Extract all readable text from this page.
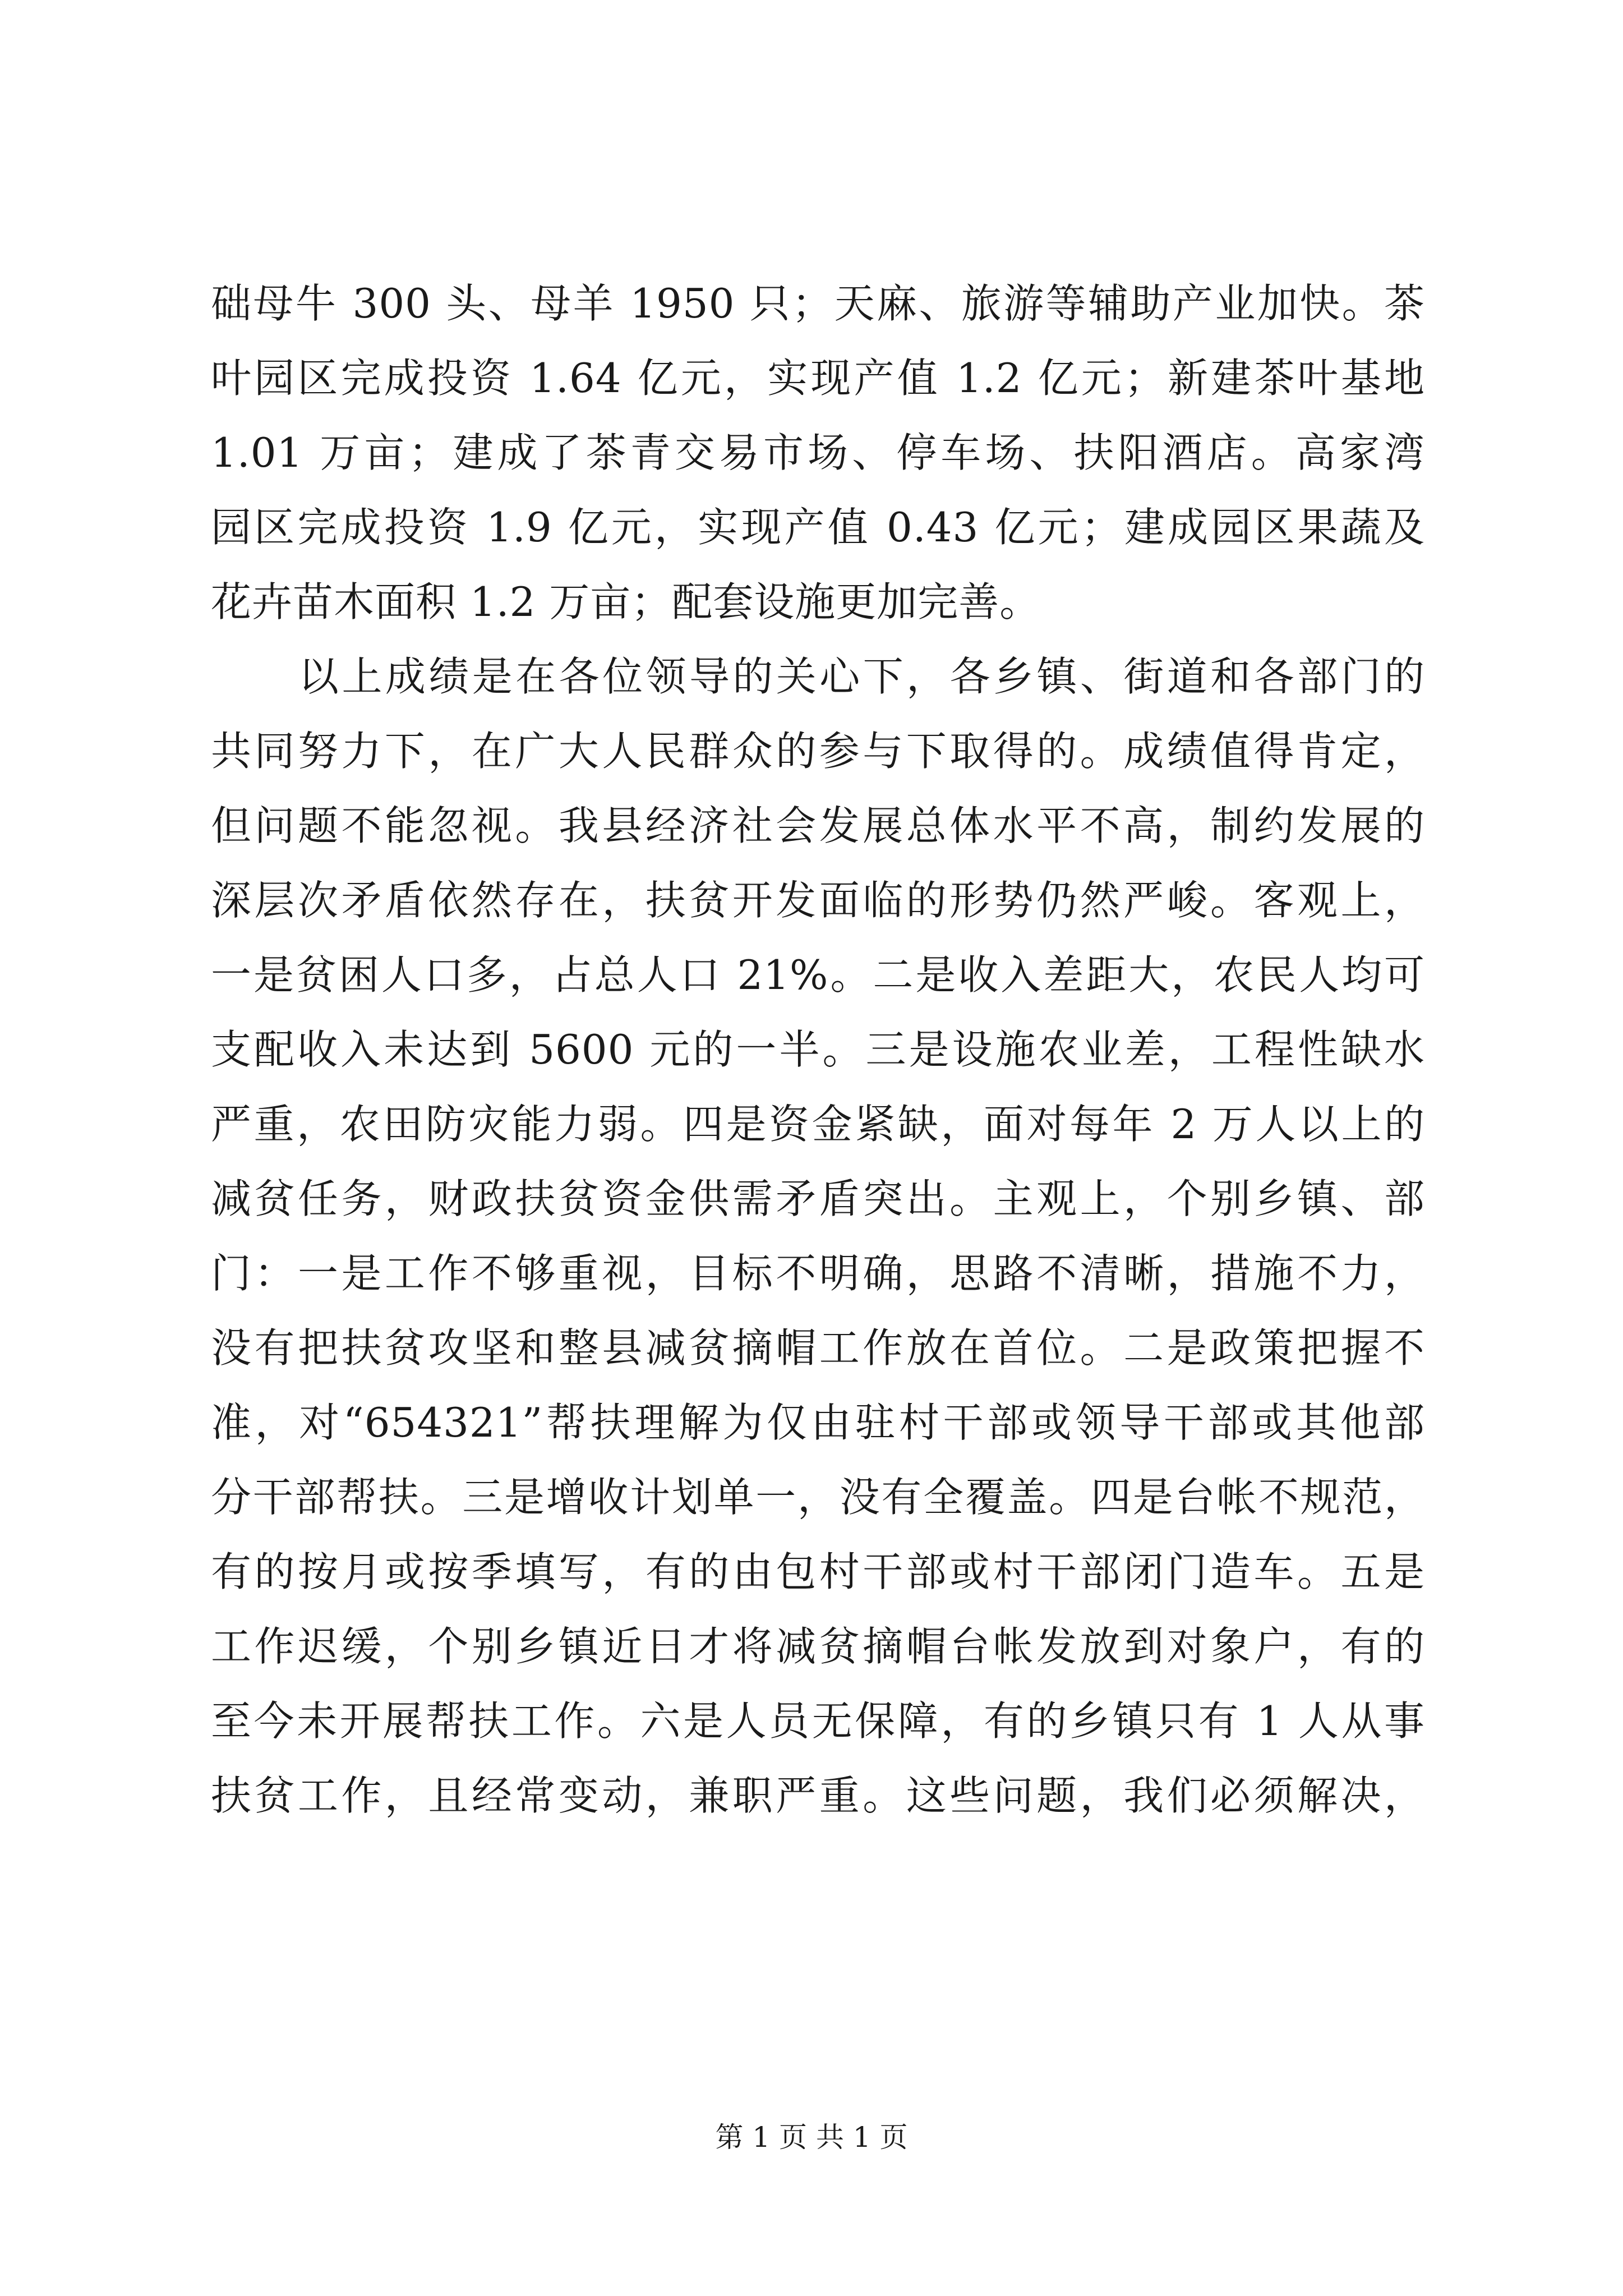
础母牛 300 头、母羊 1950 只；天麻、旅游等辅助产业加快。茶
叶园区完成投资 1.64 亿元，实现产值 1.2 亿元；新建茶叶基地
1.01 万亩；建成了茶青交易市场、停车场、扶阳酒店。高家湾
园区完成投资 1.9 亿元，实现产值 0.43 亿元；建成园区果蔬及
花卉苗木面积 1.2 万亩；配套设施更加完善。
以上成绩是在各位领导的关心下，各乡镇、街道和各部门的
共同努力下，在广大人民群众的参与下取得的。成绩值得肯定，
但问题不能忽视。我县经济社会发展总体水平不高，制约发展的
深层次矛盾依然存在，扶贫开发面临的形势仍然严峻。客观上，
一是贫困人口多，占总人口 21%。二是收入差距大，农民人均可
支配收入未达到 5600 元的一半。三是设施农业差，工程性缺水
严重，农田防灾能力弱。四是资金紧缺，面对每年 2 万人以上的
减贫任务，财政扶贫资金供需矛盾突出。主观上，个别乡镇、部
门：一是工作不够重视，目标不明确，思路不清晰，措施不力，
没有把扶贫攻坚和整县减贫摘帽工作放在首位。二是政策把握不
准，对“654321”帮扶理解为仅由驻村干部或领导干部或其他部
分干部帮扶。三是增收计划单一，没有全覆盖。四是台帐不规范，
有的按月或按季填写，有的由包村干部或村干部闭门造车。五是
工作迟缓，个别乡镇近日才将减贫摘帽台帐发放到对象户，有的
至今未开展帮扶工作。六是人员无保障，有的乡镇只有 1 人从事
扶贫工作，且经常变动，兼职严重。这些问题，我们必须解决，
第 1 页 共 1 页
